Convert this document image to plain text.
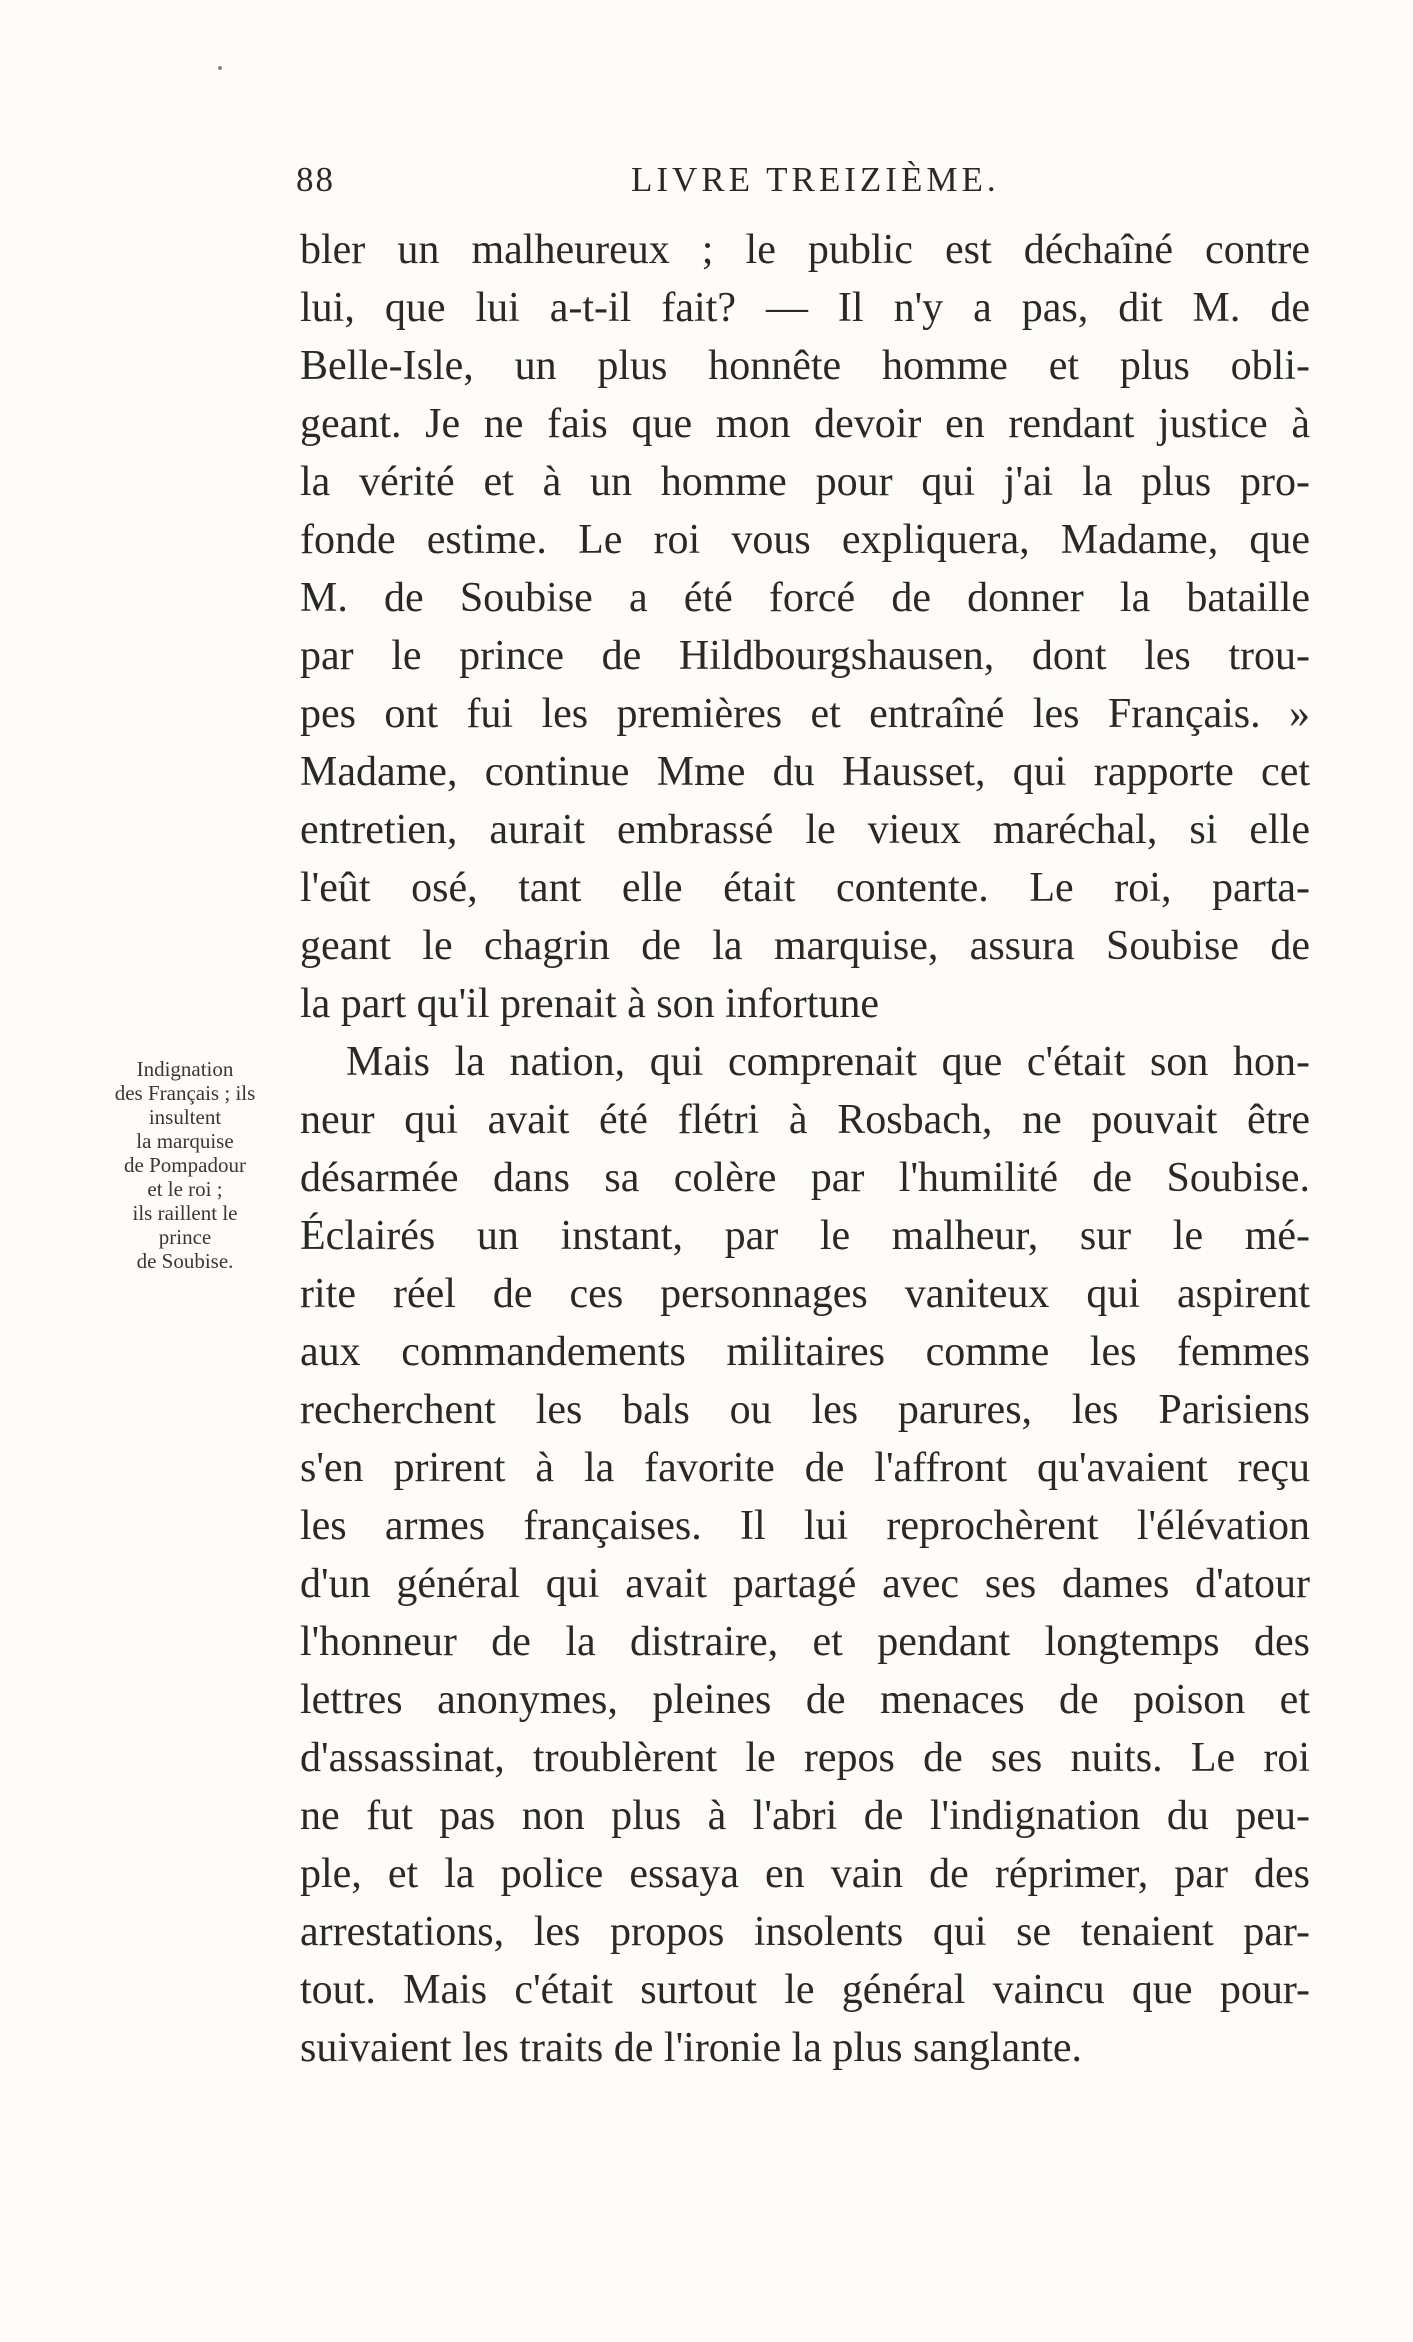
88	LIVRE TREIZIÈME.
Indignation
des Français ; ils
insultent
la marquise
de Pompadour
et le roi ;
ils raillent le
prince
de Soubise.
bler un malheureux ; le public est déchaîné contre
lui, que lui a-t-il fait? — Il n'y a pas, dit M. de
Belle-Isle, un plus honnête homme et plus obli-
geant. Je ne fais que mon devoir en rendant justice à
la vérité et à un homme pour qui j'ai la plus pro-
fonde estime. Le roi vous expliquera, Madame, que
M. de Soubise a été forcé de donner la bataille
par le prince de Hildbourgshausen, dont les trou-
pes ont fui les premières et entraîné les Français. »
Madame, continue Mme du Hausset, qui rapporte cet
entretien, aurait embrassé le vieux maréchal, si elle
l'eût osé, tant elle était contente. Le roi, parta-
geant le chagrin de la marquise, assura Soubise de
la part qu'il prenait à son infortune
Mais la nation, qui comprenait que c'était son hon-
neur qui avait été flétri à Rosbach, ne pouvait être
désarmée dans sa colère par l'humilité de Soubise.
Éclairés un instant, par le malheur, sur le mé-
rite réel de ces personnages vaniteux qui aspirent
aux commandements militaires comme les femmes
recherchent les bals ou les parures, les Parisiens
s'en prirent à la favorite de l'affront qu'avaient reçu
les armes françaises. Il lui reprochèrent l'élévation
d'un général qui avait partagé avec ses dames d'atour
l'honneur de la distraire, et pendant longtemps des
lettres anonymes, pleines de menaces de poison et
d'assassinat, troublèrent le repos de ses nuits. Le roi
ne fut pas non plus à l'abri de l'indignation du peu-
ple, et la police essaya en vain de réprimer, par des
arrestations, les propos insolents qui se tenaient par-
tout. Mais c'était surtout le général vaincu que pour-
suivaient les traits de l'ironie la plus sanglante.
